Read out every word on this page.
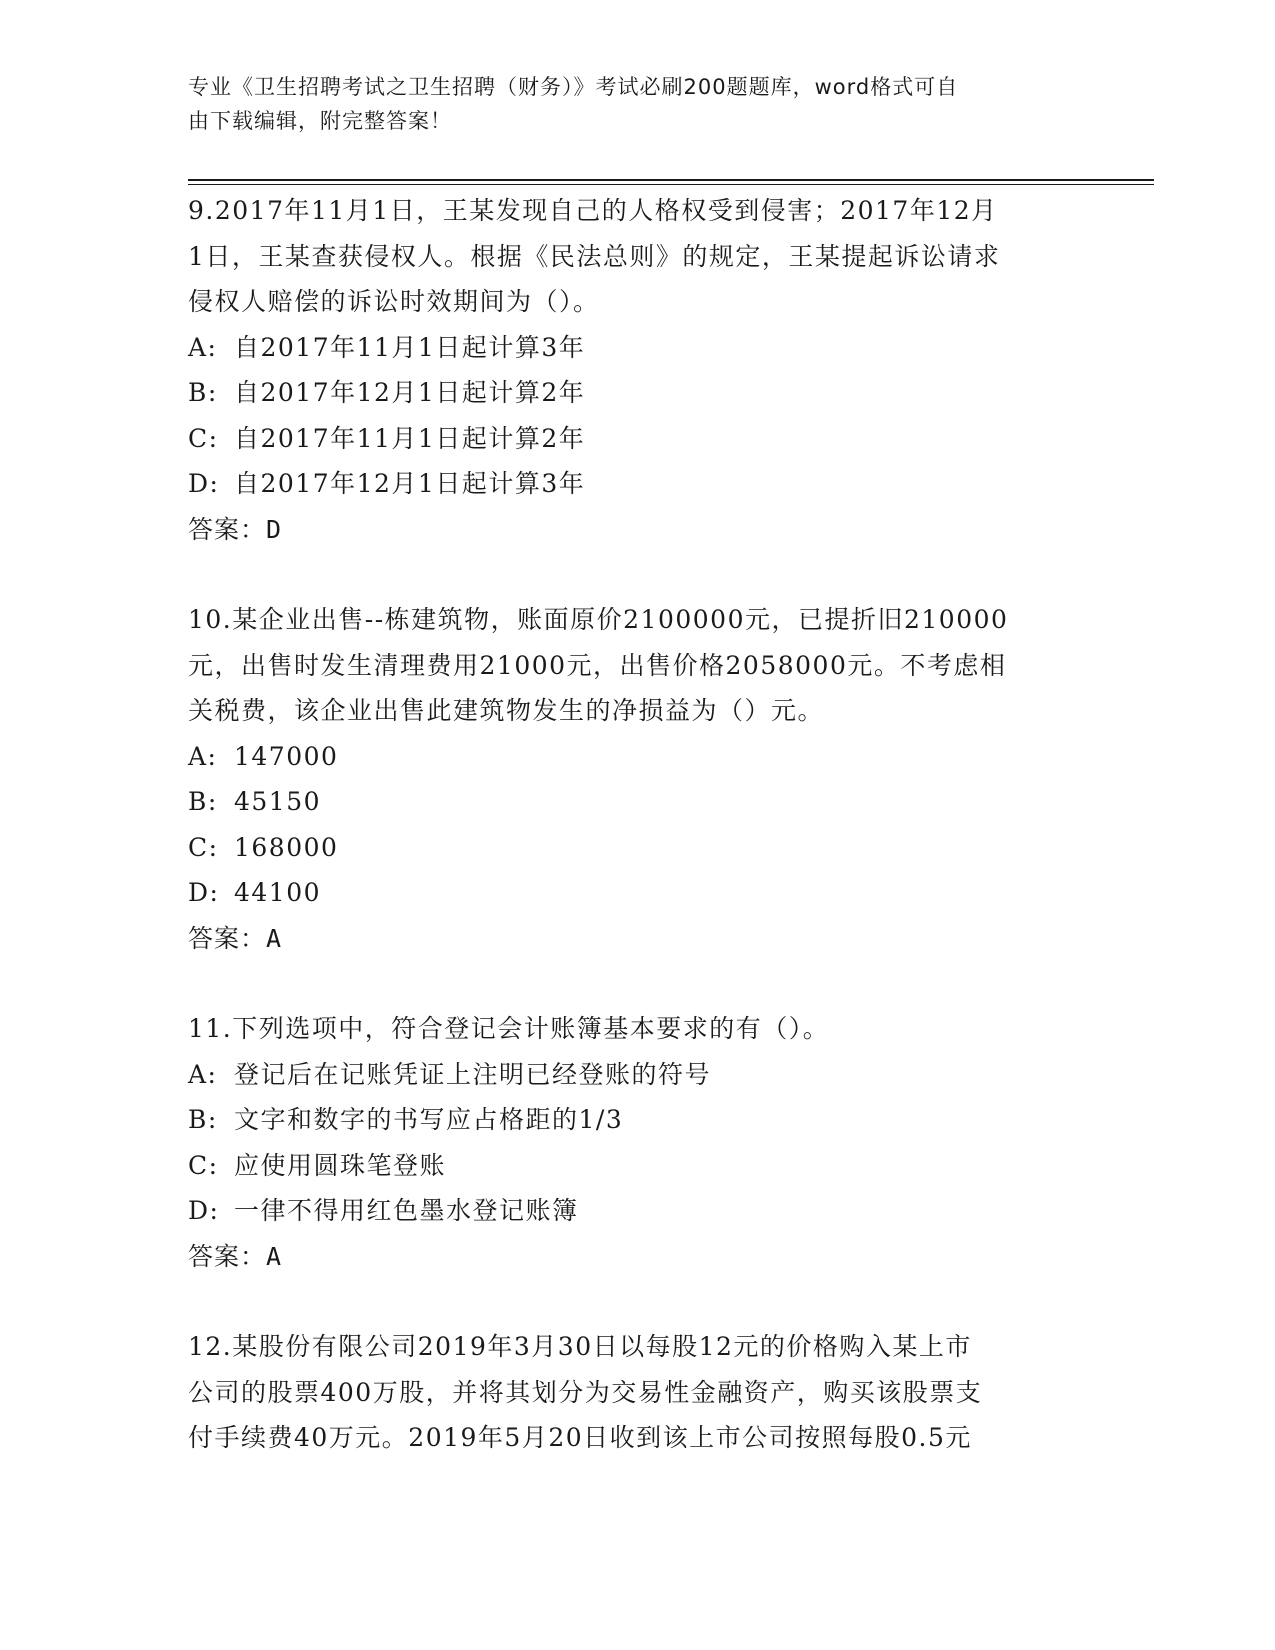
专业《卫生招聘考试之卫生招聘（财务）》考试必刷200题题库，word格式可自
由下载编辑，附完整答案！

9.2017年11月1日，王某发现自己的人格权受到侵害；2017年12月

1日，王某查获侵权人。根据《民法总则》的规定，王某提起诉讼请求

侵权人赔偿的诉讼时效期间为（）。

A: 自2017年11月1日起计算3年

B: 自2017年12月1日起计算2年

C: 自2017年11月1日起计算2年

D: 自2017年12月1日起计算3年

答案：D

10.某企业出售--栋建筑物，账面原价2100000元，已提折旧210000

元，出售时发生清理费用21000元，出售价格2058000元。不考虑相

关税费，该企业出售此建筑物发生的净损益为（）元。

A: 147000

B: 45150

C: 168000

D: 44100

答案：A

11.下列选项中，符合登记会计账簿基本要求的有（）。

A: 登记后在记账凭证上注明已经登账的符号

B: 文字和数字的书写应占格距的1/3

C: 应使用圆珠笔登账

D: 一律不得用红色墨水登记账簿

答案：A

12.某股份有限公司2019年3月30日以每股12元的价格购入某上市

公司的股票400万股，并将其划分为交易性金融资产，购买该股票支

付手续费40万元。2019年5月20日收到该上市公司按照每股0.5元
